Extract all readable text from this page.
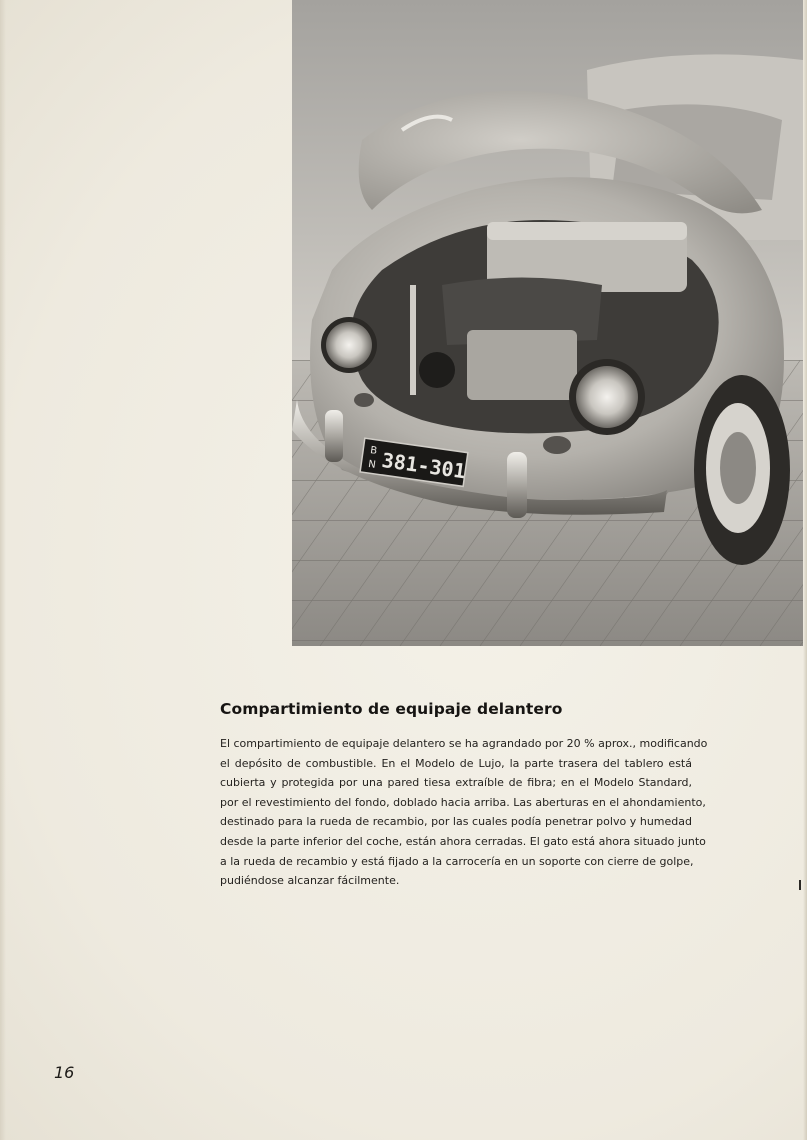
B
N 381-301
Compartimiento de equipaje delantero

El compartimiento de equipaje delantero se ha agrandado por 20 % aprox., modificando
el depósito de combustible. En el Modelo de Lujo, la parte trasera del tablero está
cubierta y protegida por una pared tiesa extraíble de fibra; en el Modelo Standard,
por el revestimiento del fondo, doblado hacia arriba. Las aberturas en el ahondamiento,
destinado para la rueda de recambio, por las cuales podía penetrar polvo y humedad
desde la parte inferior del coche, están ahora cerradas. El gato está ahora situado junto
a la rueda de recambio y está fijado a la carrocería en un soporte con cierre de golpe,
pudiéndose alcanzar fácilmente.

16
